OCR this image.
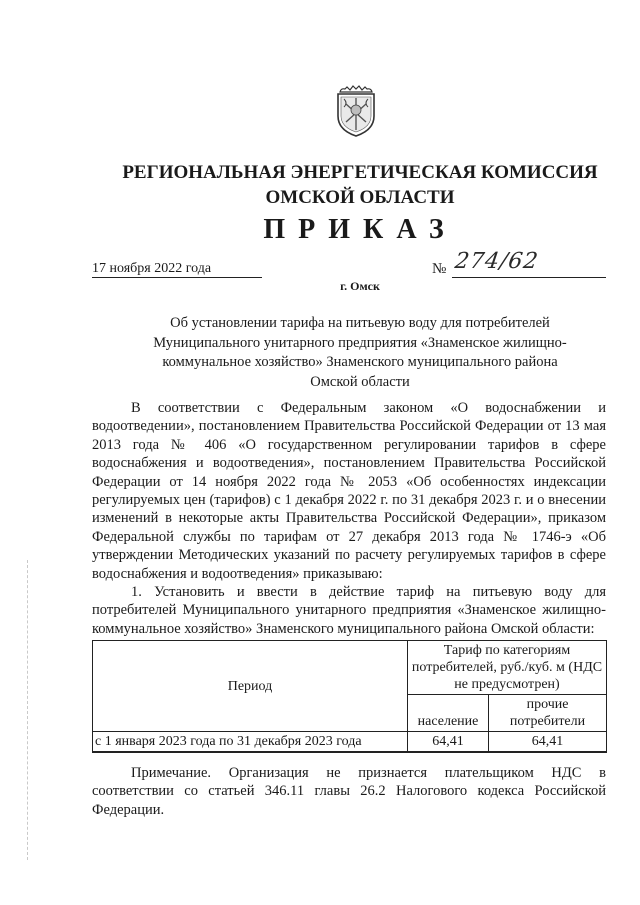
РЕГИОНАЛЬНАЯ ЭНЕРГЕТИЧЕСКАЯ КОМИССИЯ
ОМСКОЙ ОБЛАСТИ
ПРИКАЗ
17 ноября 2022 года	№ 274/62
г. Омск
Об установлении тарифа на питьевую воду для потребителей
Муниципального унитарного предприятия «Знаменское жилищно-
коммунальное хозяйство» Знаменского муниципального района
Омской области

В соответствии с Федеральным законом «О водоснабжении и водоотведении», постановлением Правительства Российской Федерации от 13 мая 2013 года № 406 «О государственном регулировании тарифов в сфере водоснабжения и водоотведения», постановлением Правительства Российской Федерации от 14 ноября 2022 года № 2053 «Об особенностях индексации регулируемых цен (тарифов) с 1 декабря 2022 г. по 31 декабря 2023 г. и о внесении изменений в некоторые акты Правительства Российской Федерации», приказом Федеральной службы по тарифам от 27 декабря 2013 года № 1746-э «Об утверждении Методических указаний по расчету регулируемых тарифов в сфере водоснабжения и водоотведения» приказываю:

1. Установить и ввести в действие тариф на питьевую воду для потребителей Муниципального унитарного предприятия «Знаменское жилищно-коммунальное хозяйство» Знаменского муниципального района Омской области:

Период	Тариф по категориям потребителей, руб./куб. м (НДС не предусмотрен)	
	население	прочие потребители
с 1 января 2023 года по 31 декабря 2023 года	64,41	64,41

Примечание. Организация не признается плательщиком НДС в соответствии со статьей 346.11 главы 26.2 Налогового кодекса Российской Федерации.
